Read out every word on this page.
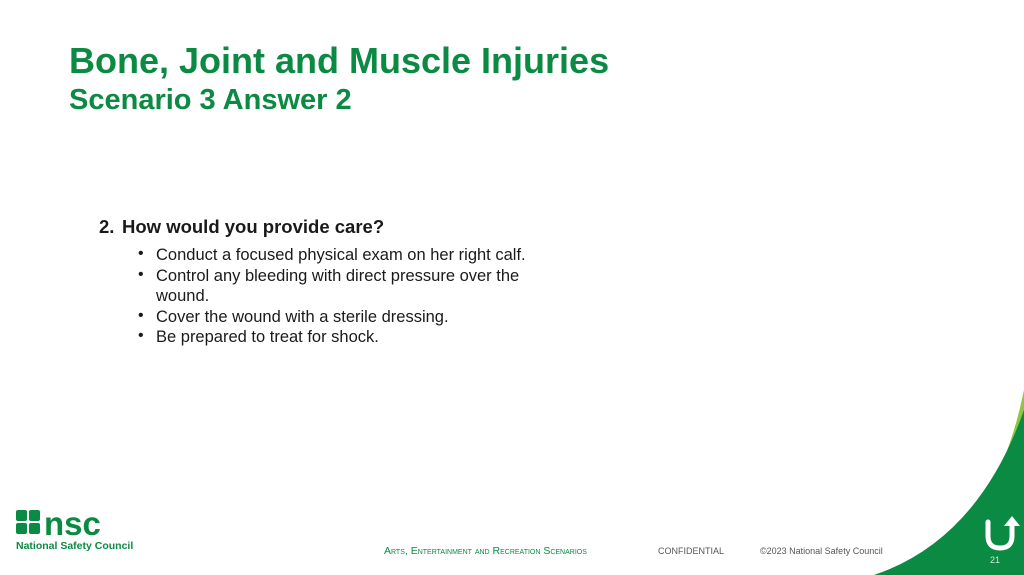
Bone, Joint and Muscle Injuries
Scenario 3 Answer 2
2. How would you provide care?
• Conduct a focused physical exam on her right calf.
• Control any bleeding with direct pressure over the wound.
• Cover the wound with a sterile dressing.
• Be prepared to treat for shock.
nsc
National Safety Council	Arts, Entertainment and Recreation Scenarios	CONFIDENTIAL	©2023 National Safety Council
21
